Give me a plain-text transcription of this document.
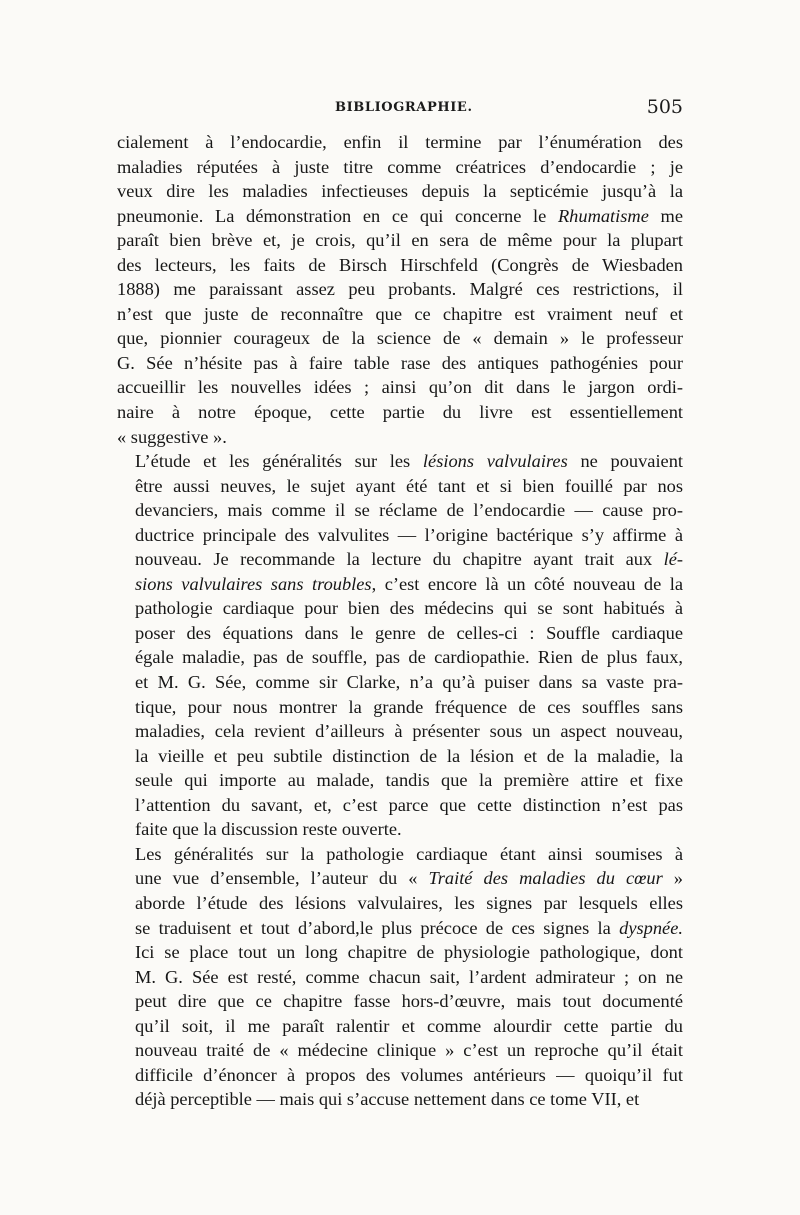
BIBLIOGRAPHIE.	505
cialement à l’endocardie, enfin il termine par l’énumération des
maladies réputées à juste titre comme créatrices d’endocardie ; je
veux dire les maladies infectieuses depuis la septicémie jusqu’à la
pneumonie. La démonstration en ce qui concerne le Rhumatisme me
paraît bien brève et, je crois, qu’il en sera de même pour la plupart
des lecteurs, les faits de Birsch Hirschfeld (Congrès de Wiesbaden
1888) me paraissant assez peu probants. Malgré ces restrictions, il
n’est que juste de reconnaître que ce chapitre est vraiment neuf et
que, pionnier courageux de la science de « demain » le professeur
G. Sée n’hésite pas à faire table rase des antiques pathogénies pour
accueillir les nouvelles idées ; ainsi qu’on dit dans le jargon ordi-
naire à notre époque, cette partie du livre est essentiellement
« suggestive ».
L’étude et les généralités sur les lésions valvulaires ne pouvaient
être aussi neuves, le sujet ayant été tant et si bien fouillé par nos
devanciers, mais comme il se réclame de l’endocardie — cause pro-
ductrice principale des valvulites — l’origine bactérique s’y affirme à
nouveau. Je recommande la lecture du chapitre ayant trait aux lé-
sions valvulaires sans troubles, c’est encore là un côté nouveau de la
pathologie cardiaque pour bien des médecins qui se sont habitués à
poser des équations dans le genre de celles-ci : Souffle cardiaque
égale maladie, pas de souffle, pas de cardiopathie. Rien de plus faux,
et M. G. Sée, comme sir Clarke, n’a qu’à puiser dans sa vaste pra-
tique, pour nous montrer la grande fréquence de ces souffles sans
maladies, cela revient d’ailleurs à présenter sous un aspect nouveau,
la vieille et peu subtile distinction de la lésion et de la maladie, la
seule qui importe au malade, tandis que la première attire et fixe
l’attention du savant, et, c’est parce que cette distinction n’est pas
faite que la discussion reste ouverte.
Les généralités sur la pathologie cardiaque étant ainsi soumises à
une vue d’ensemble, l’auteur du « Traité des maladies du cœur »
aborde l’étude des lésions valvulaires, les signes par lesquels elles
se traduisent et tout d’abord,le plus précoce de ces signes la dyspnée.
Ici se place tout un long chapitre de physiologie pathologique, dont
M. G. Sée est resté, comme chacun sait, l’ardent admirateur ; on ne
peut dire que ce chapitre fasse hors-d’œuvre, mais tout documenté
qu’il soit, il me paraît ralentir et comme alourdir cette partie du
nouveau traité de « médecine clinique » c’est un reproche qu’il était
difficile d’énoncer à propos des volumes antérieurs — quoiqu’il fut
déjà perceptible — mais qui s’accuse nettement dans ce tome VII, et
